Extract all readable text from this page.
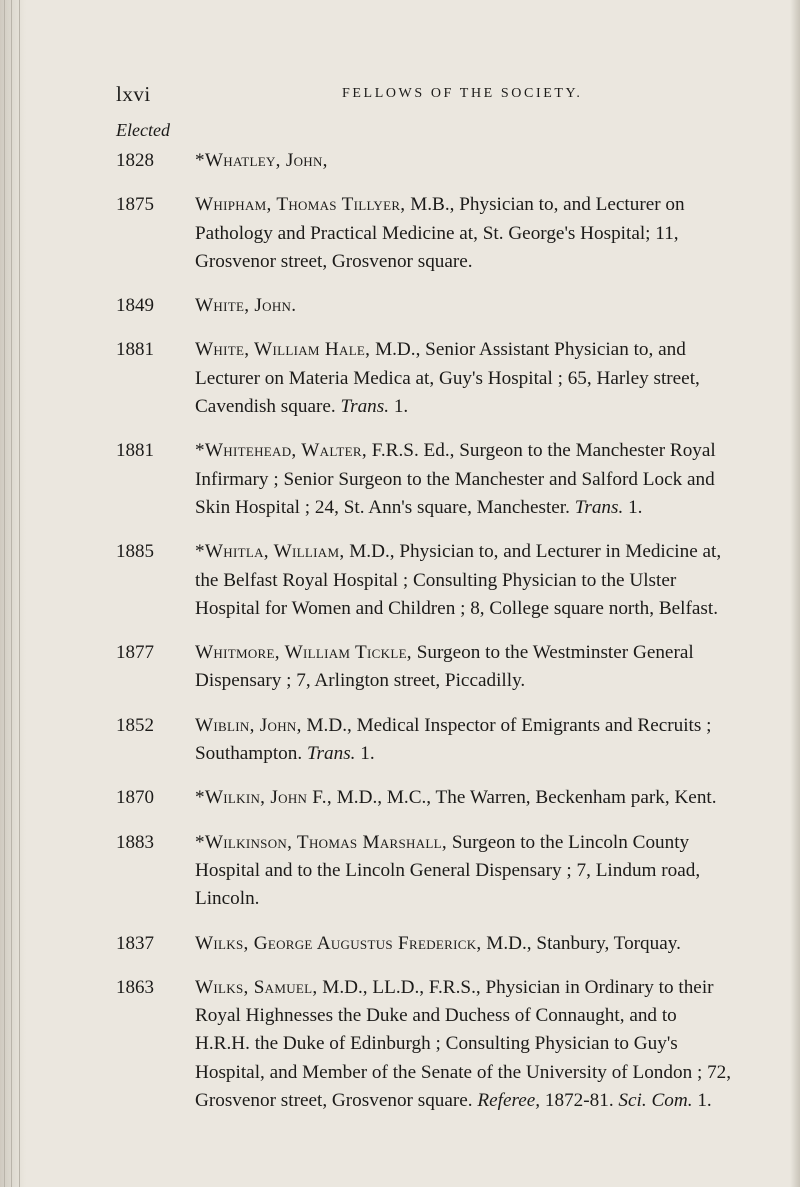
lxvi	FELLOWS OF THE SOCIETY.
Elected
1828	*Whatley, John,
1875	Whipham, Thomas Tillyer, M.B., Physician to, and Lecturer on Pathology and Practical Medicine at, St. George's Hospital; 11, Grosvenor street, Grosvenor square.
1849	White, John.
1881	White, William Hale, M.D., Senior Assistant Physician to, and Lecturer on Materia Medica at, Guy's Hospital ; 65, Harley street, Cavendish square. Trans. 1.
1881	*Whitehead, Walter, F.R.S. Ed., Surgeon to the Manchester Royal Infirmary ; Senior Surgeon to the Manchester and Salford Lock and Skin Hospital ; 24, St. Ann's square, Manchester. Trans. 1.
1885	*Whitla, William, M.D., Physician to, and Lecturer in Medicine at, the Belfast Royal Hospital ; Consulting Physician to the Ulster Hospital for Women and Children ; 8, College square north, Belfast.
1877	Whitmore, William Tickle, Surgeon to the Westminster General Dispensary ; 7, Arlington street, Piccadilly.
1852	Wiblin, John, M.D., Medical Inspector of Emigrants and Recruits ; Southampton. Trans. 1.
1870	*Wilkin, John F., M.D., M.C., The Warren, Beckenham park, Kent.
1883	*Wilkinson, Thomas Marshall, Surgeon to the Lincoln County Hospital and to the Lincoln General Dispensary ; 7, Lindum road, Lincoln.
1837	Wilks, George Augustus Frederick, M.D., Stanbury, Torquay.
1863	Wilks, Samuel, M.D., LL.D., F.R.S., Physician in Ordinary to their Royal Highnesses the Duke and Duchess of Connaught, and to H.R.H. the Duke of Edinburgh ; Consulting Physician to Guy's Hospital, and Member of the Senate of the University of London ; 72, Grosvenor street, Grosvenor square. Referee, 1872-81. Sci. Com. 1.
